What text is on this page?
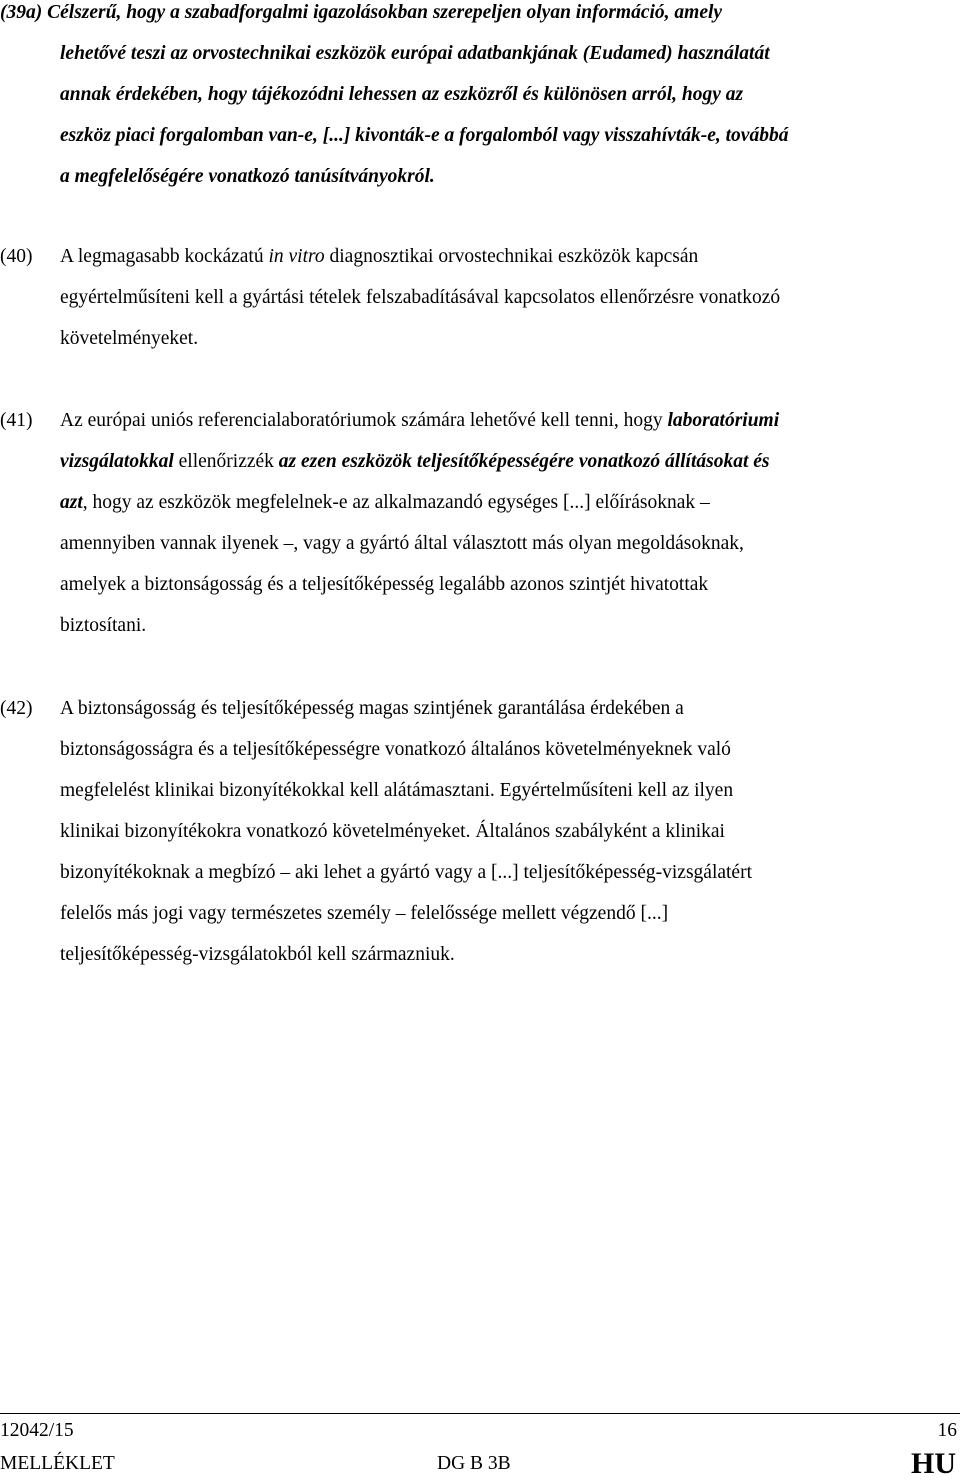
(39a) Célszerű, hogy a szabadforgalmi igazolásokban szerepeljen olyan információ, amely
lehetővé teszi az orvostechnikai eszközök európai adatbankjának (Eudamed) használatát
annak érdekében, hogy tájékozódni lehessen az eszközről és különösen arról, hogy az
eszköz piaci forgalomban van-e, [...] kivonták-e a forgalomból vagy visszahívták-e, továbbá
a megfelelőségére vonatkozó tanúsítványokról.
(40) A legmagasabb kockázatú in vitro diagnosztikai orvostechnikai eszközök kapcsán
egyértelműsíteni kell a gyártási tételek felszabadításával kapcsolatos ellenőrzésre vonatkozó
követelményeket.
(41) Az európai uniós referencialaboratóriumok számára lehetővé kell tenni, hogy laboratóriumi
vizsgálatokkal ellenőrizzék az ezen eszközök teljesítőképességére vonatkozó állításokat és
azt, hogy az eszközök megfelelnek-e az alkalmazandó egységes [...] előírásoknak –
amennyiben vannak ilyenek –, vagy a gyártó által választott más olyan megoldásoknak,
amelyek a biztonságosság és a teljesítőképesség legalább azonos szintjét hivatottak
biztosítani.
(42) A biztonságosság és teljesítőképesség magas szintjének garantálása érdekében a
biztonságosságra és a teljesítőképességre vonatkozó általános követelményeknek való
megfelelést klinikai bizonyítékokkal kell alátámasztani. Egyértelműsíteni kell az ilyen
klinikai bizonyítékokra vonatkozó követelményeket. Általános szabályként a klinikai
bizonyítékoknak a megbízó – aki lehet a gyártó vagy a [...] teljesítőképesség-vizsgálatért
felelős más jogi vagy természetes személy – felelőssége mellett végzendő [...]
teljesítőképesség-vizsgálatokból kell származniuk.
12042/15	16
MELLÉKLET	DG B 3B	HU
